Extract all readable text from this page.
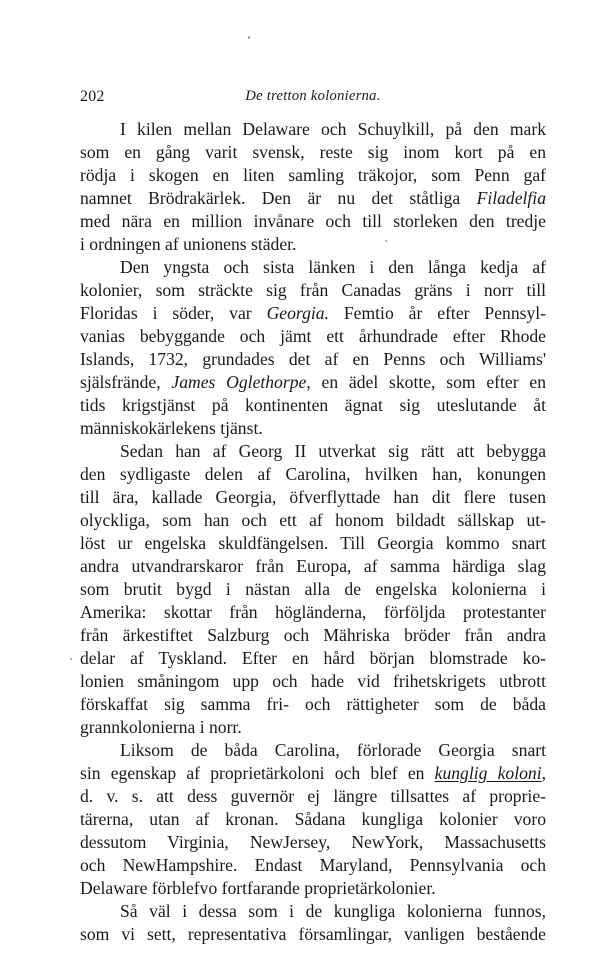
202	De tretton kolonierna.
I kilen mellan Delaware och Schuylkill, på den mark
som en gång varit svensk, reste sig inom kort på en
rödja i skogen en liten samling träkojor, som Penn gaf
namnet Brödrakärlek. Den är nu det ståtliga Filadelfia
med nära en million invånare och till storleken den tredje
i ordningen af unionens städer.
Den yngsta och sista länken i den långa kedja af
kolonier, som sträckte sig från Canadas gräns i norr till
Floridas i söder, var Georgia. Femtio år efter Pennsyl-
vanias bebyggande och jämt ett århundrade efter Rhode
Islands, 1732, grundades det af en Penns och Williams'
själsfrände, James Oglethorpe, en ädel skotte, som efter en
tids krigstjänst på kontinenten ägnat sig uteslutande åt
människokärlekens tjänst.
Sedan han af Georg II utverkat sig rätt att bebygga
den sydligaste delen af Carolina, hvilken han, konungen
till ära, kallade Georgia, öfverflyttade han dit flere tusen
olyckliga, som han och ett af honom bildadt sällskap ut-
löst ur engelska skuldfängelsen. Till Georgia kommo snart
andra utvandrarskaror från Europa, af samma härdiga slag
som brutit bygd i nästan alla de engelska kolonierna i
Amerika: skottar från högländerna, förföljda protestanter
från ärkestiftet Salzburg och Mähriska bröder från andra
delar af Tyskland. Efter en hård början blomstrade ko-
lonien småningom upp och hade vid frihetskrigets utbrott
förskaffat sig samma fri- och rättigheter som de båda
grannkolonierna i norr.
Liksom de båda Carolina, förlorade Georgia snart
sin egenskap af proprietärkoloni och blef en kunglig koloni,
d. v. s. att dess guvernör ej längre tillsattes af proprie-
tärerna, utan af kronan. Sådana kungliga kolonier voro
dessutom Virginia, NewJersey, NewYork, Massachusetts
och NewHampshire. Endast Maryland, Pennsylvania och
Delaware förblefvo fortfarande proprietärkolonier.
Så väl i dessa som i de kungliga kolonierna funnos,
som vi sett, representativa församlingar, vanligen bestående
